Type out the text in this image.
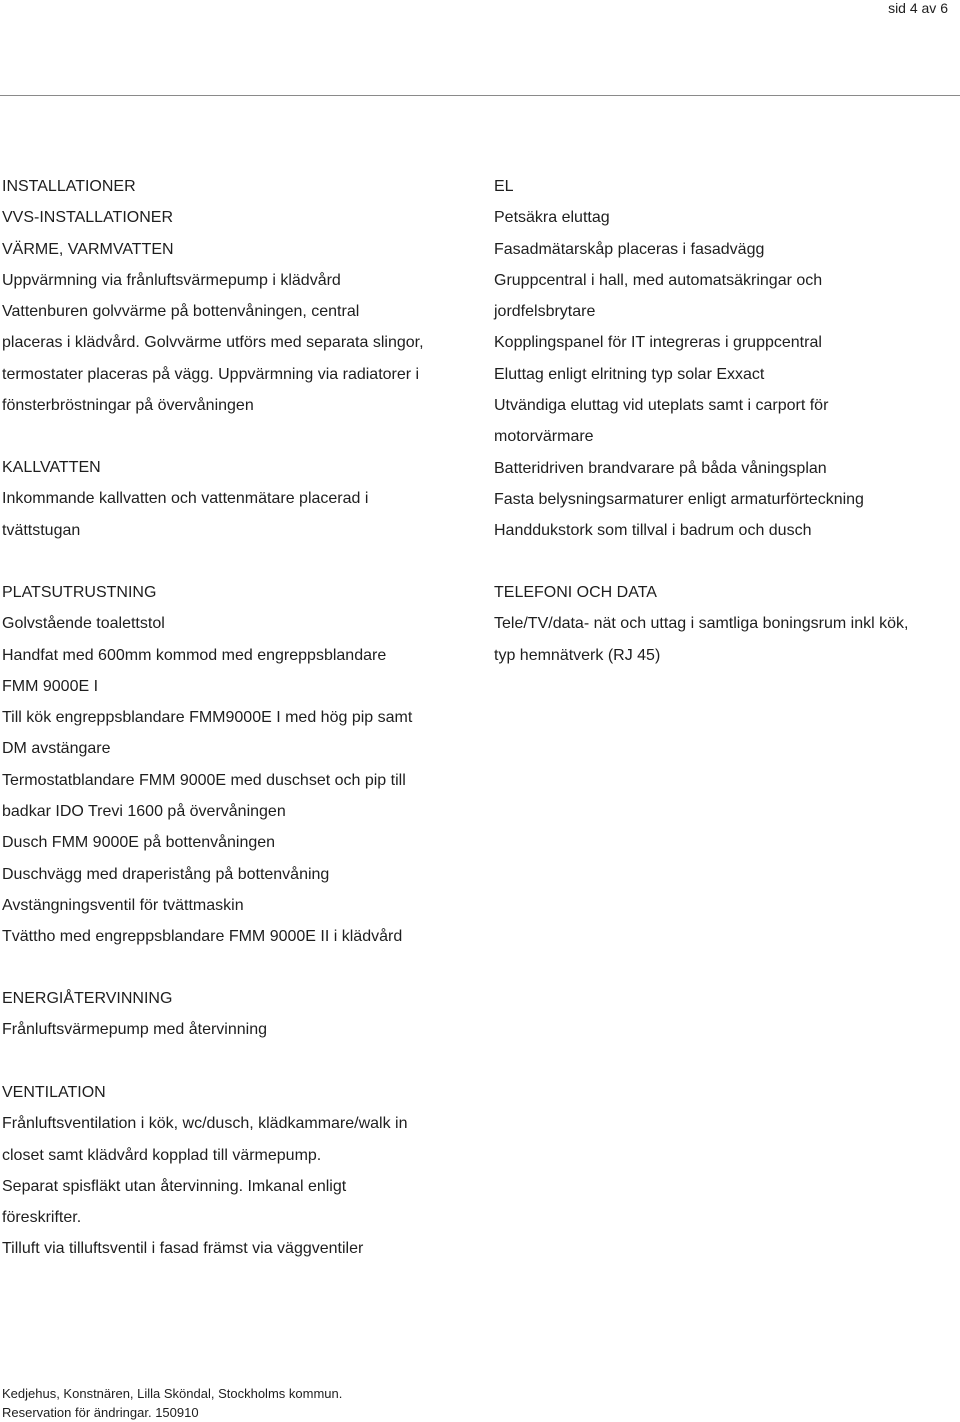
sid 4 av 6
INSTALLATIONER
VVS-INSTALLATIONER
VÄRME, VARMVATTEN
Uppvärmning via frånluftsvärmepump i klädvård
Vattenburen golvvärme på bottenvåningen, central
placeras i klädvård. Golvvärme utförs med separata slingor,
termostater placeras på vägg. Uppvärmning via radiatorer i
fönsterbröstningar på övervåningen
KALLVATTEN
Inkommande kallvatten och vattenmätare placerad i
tvättstugan
EL
Petsäkra eluttag
Fasadmätarskåp placeras i fasadvägg
Gruppcentral i hall, med automatsäkringar och
jordfelsbrytare
Kopplingspanel för IT integreras i gruppcentral
Eluttag enligt elritning typ solar Exxact
Utvändiga eluttag vid uteplats samt i carport för
motorvärmare
Batteridriven brandvarare på båda våningsplan
Fasta belysningsarmaturer enligt armaturförteckning
Handdukstork som tillval i badrum och dusch
PLATSUTRUSTNING
Golvstående toalettstol
Handfat med 600mm kommod med engreppsblandare
FMM 9000E I
Till kök engreppsblandare FMM9000E I med hög pip samt
DM avstängare
Termostatblandare FMM 9000E med duschset och pip till
badkar IDO Trevi 1600 på övervåningen
Dusch FMM 9000E på bottenvåningen
Duschvägg med draperistång på bottenvåning
Avstängningsventil för tvättmaskin
Tvättho med engreppsblandare FMM 9000E II i klädvård
TELEFONI OCH DATA
Tele/TV/data- nät och uttag i samtliga boningsrum inkl kök,
typ hemnätverk (RJ 45)
ENERGIÅTERVINNING
Frånluftsvärmepump med återvinning
VENTILATION
Frånluftsventilation i kök, wc/dusch, klädkammare/walk in
closet samt klädvård kopplad till värmepump.
Separat spisfläkt utan återvinning. Imkanal enligt
föreskrifter.
Tilluft via tilluftsventil i fasad främst via väggventiler
Kedjehus, Konstnären, Lilla Sköndal, Stockholms kommun.
Reservation för ändringar. 150910
